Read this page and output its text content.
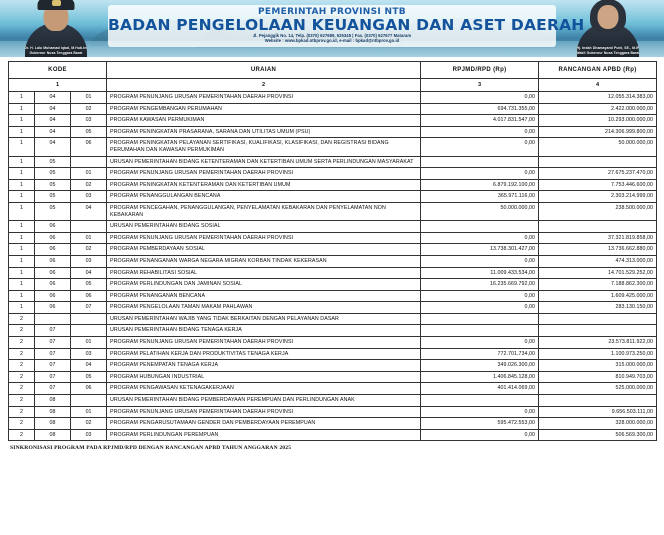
Dr. H. Lalu Muhamad Iqbal, M.Hub.Int
Gubernur Nusa Tenggara Barat
PEMERINTAH PROVINSI NTB
BADAN PENGELOLAAN KEUANGAN DAN ASET DAERAH
Jl. Pejanggik No. 14, Telp. (0370) 627689, 625345 | Fax. (0370) 627677 Mataram
Website : www.bpkad.ntbprov.go.id, e-mail : bpkad@ntbprov.go.id
Hj. Indah Dhamayanti Putri, SE., M.IP
Wakil Gubernur Nusa Tenggara Barat
KODE			URAIAN	RPJMD/RPD (Rp)	RANCANGAN APBD (Rp)
1			2	3	4
1	04	01	PROGRAM PENUNJANG URUSAN PEMERINTAHAN DAERAH PROVINSI	0,00	12.055.314.383,00
1	04	02	PROGRAM PENGEMBANGAN PERUMAHAN	694.731.355,00	2.422.000.000,00
1	04	03	PROGRAM KAWASAN PERMUKIMAN	4.017.831.547,00	10.293.000.000,00
1	04	05	PROGRAM PENINGKATAN PRASARANA, SARANA DAN UTILITAS UMUM (PSU)	0,00	214.306.999.800,00
1	04	06	PROGRAM PENINGKATAN PELAYANAN SERTIFIKASI, KUALIFIKASI, KLASIFIKASI, DAN REGISTRASI BIDANG PERUMAHAN DAN KAWASAN PERMUKIMAN	0,00	50.000.000,00
1	05		URUSAN PEMERINTAHAN BIDANG KETENTERAMAN DAN KETERTIBAN UMUM SERTA PERLINDUNGAN MASYARAKAT		
1	05	01	PROGRAM PENUNJANG URUSAN PEMERINTAHAN DAERAH PROVINSI	0,00	27.675.237.470,00
1	05	02	PROGRAM PENINGKATAN KETENTERAMAN DAN KETERTIBAN UMUM	6.879.192.100,00	7.753.446.600,00
1	05	03	PROGRAM PENANGGULANGAN BENCANA	365.971.116,00	2.303.214.999,00
1	05	04	PROGRAM PENCEGAHAN, PENANGGULANGAN, PENYELAMATAN KEBAKARAN DAN PENYELAMATAN NON KEBAKARAN	50.000.000,00	238.500.000,00
1	06		URUSAN PEMERINTAHAN BIDANG SOSIAL		
1	06	01	PROGRAM PENUNJANG URUSAN PEMERINTAHAN DAERAH PROVINSI	0,00	37.321.819.858,00
1	06	02	PROGRAM PEMBERDAYAAN SOSIAL	13.738.301.427,00	13.736.662.880,00
1	06	03	PROGRAM PENANGANAN WARGA NEGARA MIGRAN KORBAN TINDAK KEKERASAN	0,00	474.313.000,00
1	06	04	PROGRAM REHABILITASI SOSIAL	11.009.433.534,00	14.701.529.252,00
1	06	05	PROGRAM PERLINDUNGAN DAN JAMINAN SOSIAL	16.235.669.792,00	7.188.862.300,00
1	06	06	PROGRAM PENANGANAN BENCANA	0,00	1.609.425.000,00
1	06	07	PROGRAM PENGELOLAAN TAMAN MAKAM PAHLAWAN	0,00	283.130.150,00
2			URUSAN PEMERINTAHAN WAJIB YANG TIDAK BERKAITAN DENGAN PELAYANAN DASAR		
2	07		URUSAN PEMERINTAHAN BIDANG TENAGA KERJA		
2	07	01	PROGRAM PENUNJANG URUSAN PEMERINTAHAN DAERAH PROVINSI	0,00	23.573.811.922,00
2	07	03	PROGRAM PELATIHAN KERJA DAN PRODUKTIVITAS TENAGA KERJA	772.701.734,00	1.100.973.250,00
2	07	04	PROGRAM PENEMPATAN TENAGA KERJA	349.026.300,00	315.000.000,00
2	07	05	PROGRAM HUBUNGAN INDUSTRIAL	1.406.845.128,00	810.949.703,00
2	07	06	PROGRAM PENGAWASAN KETENAGAKERJAAN	401.414.069,00	525.000.000,00
2	08		URUSAN PEMERINTAHAN BIDANG PEMBERDAYAAN PEREMPUAN DAN PERLINDUNGAN ANAK		
2	08	01	PROGRAM PENUNJANG URUSAN PEMERINTAHAN DAERAH PROVINSI	0,00	9.656.503.111,00
2	08	02	PROGRAM PENGARUSUTAMAAN GENDER DAN PEMBERDAYAAN PEREMPUAN	595.472.553,00	328.000.000,00
2	08	03	PROGRAM PERLINDUNGAN PEREMPUAN	0,00	506.569.300,00
SINKRONISASI PROGRAM PADA RPJMD/RPD DENGAN RANCANGAN APBD TAHUN ANGGARAN 2025
